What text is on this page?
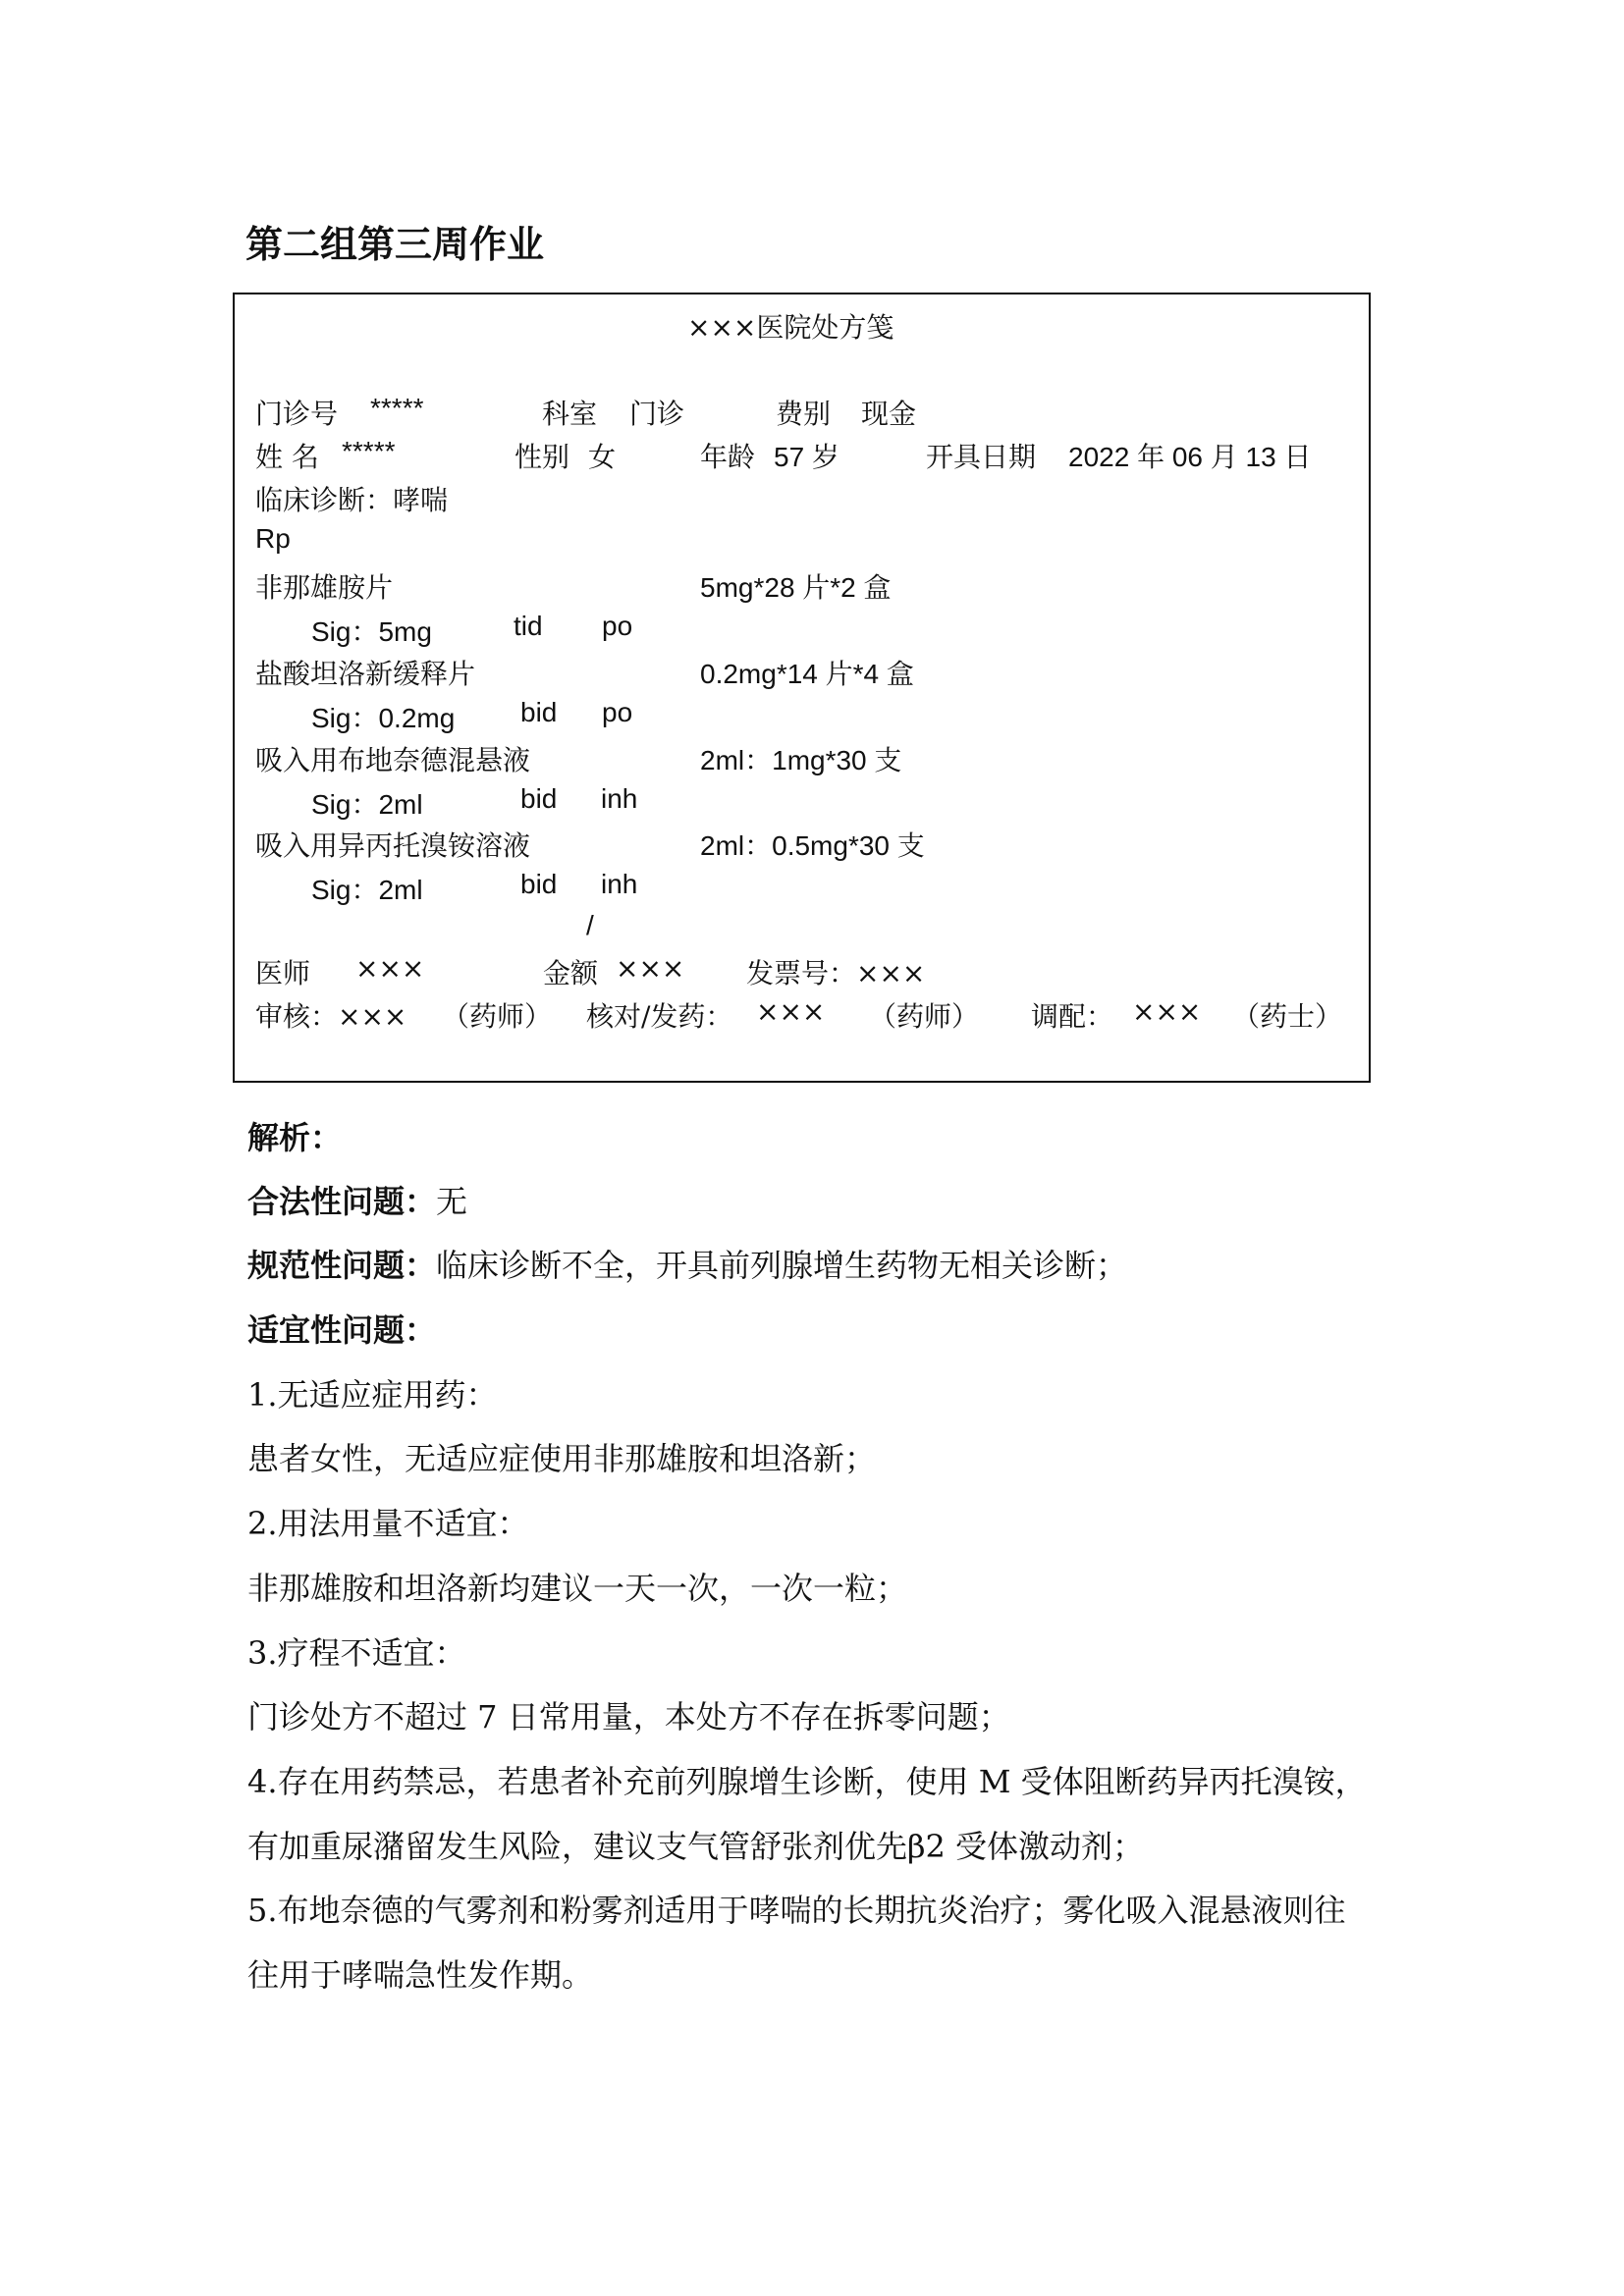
第二组第三周作业
×××医院处方笺
门诊号 *****	科室 门诊	费别 现金
姓 名 *****	性别 女	年龄 57 岁	开具日期 2022 年 06 月 13 日
临床诊断：哮喘
Rp
非那雄胺片	5mg*28 片*2 盒
Sig：5mg	tid po
盐酸坦洛新缓释片	0.2mg*14 片*4 盒
Sig：0.2mg bid po
吸入用布地奈德混悬液	2ml：1mg*30 支
Sig：2ml	bid inh
吸入用异丙托溴铵溶液	2ml：0.5mg*30 支
Sig：2ml	bid inh
/
医师 ×××	金额 ××× 发票号：×××
审核：××× （药师） 核对/发药： ××× （药师） 调配： ××× （药士）
解析：
合法性问题：无
规范性问题：临床诊断不全，开具前列腺增生药物无相关诊断；
适宜性问题：
1.无适应症用药：
患者女性，无适应症使用非那雄胺和坦洛新；
2.用法用量不适宜：
非那雄胺和坦洛新均建议一天一次，一次一粒；
3.疗程不适宜：
门诊处方不超过 7 日常用量，本处方不存在拆零问题；
4.存在用药禁忌，若患者补充前列腺增生诊断，使用 M 受体阻断药异丙托溴铵，
有加重尿潴留发生风险，建议支气管舒张剂优先β2 受体激动剂；
5.布地奈德的气雾剂和粉雾剂适用于哮喘的长期抗炎治疗；雾化吸入混悬液则往
往用于哮喘急性发作期。
